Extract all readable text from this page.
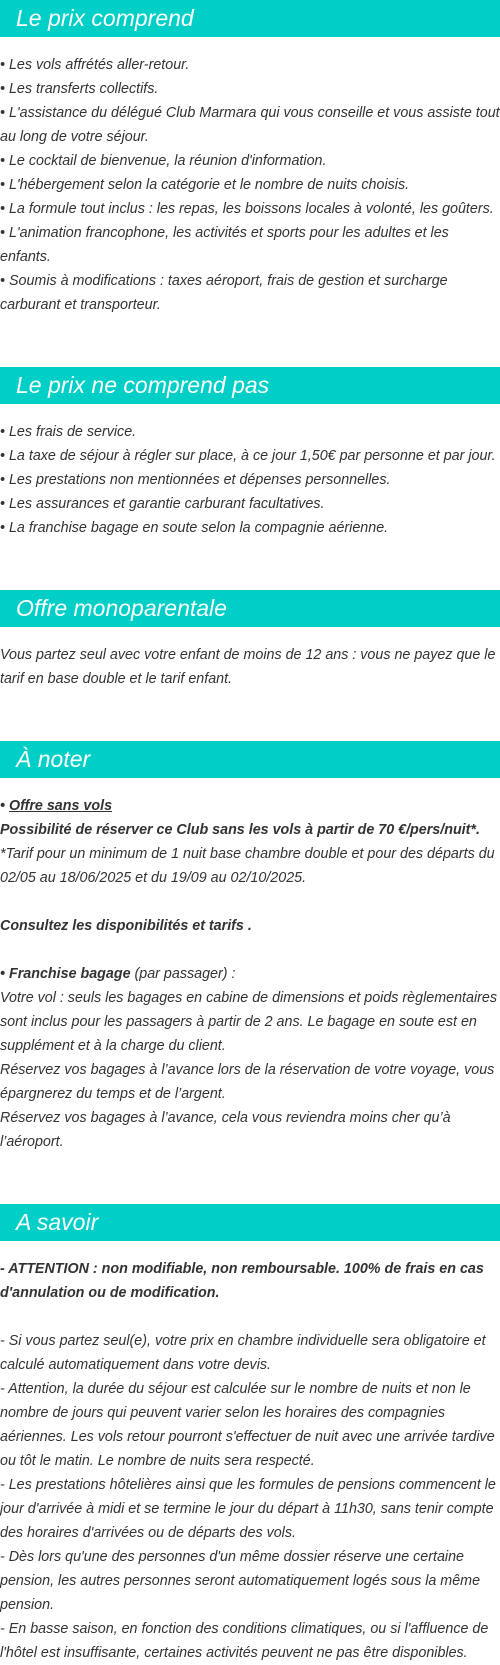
Le prix comprend
• Les vols affrétés aller-retour.
• Les transferts collectifs.
• L'assistance du délégué Club Marmara qui vous conseille et vous assiste tout au long de votre séjour.
• Le cocktail de bienvenue, la réunion d'information.
• L'hébergement selon la catégorie et le nombre de nuits choisis.
• La formule tout inclus : les repas, les boissons locales à volonté, les goûters.
• L'animation francophone, les activités et sports pour les adultes et les enfants.
• Soumis à modifications : taxes aéroport, frais de gestion et surcharge carburant et transporteur.
Le prix ne comprend pas
• Les frais de service.
• La taxe de séjour à régler sur place, à ce jour 1,50€ par personne et par jour.
• Les prestations non mentionnées et dépenses personnelles.
• Les assurances et garantie carburant facultatives.
• La franchise bagage en soute selon la compagnie aérienne.
Offre monoparentale
Vous partez seul avec votre enfant de moins de 12 ans : vous ne payez que le tarif en base double et le tarif enfant.
À noter
• Offre sans vols
Possibilité de réserver ce Club sans les vols à partir de 70 €/pers/nuit*.
*Tarif pour un minimum de 1 nuit base chambre double et pour des départs du 02/05 au 18/06/2025 et du 19/09 au 02/10/2025.
Consultez les disponibilités et tarifs .
• Franchise bagage (par passager) :
Votre vol : seuls les bagages en cabine de dimensions et poids règlementaires sont inclus pour les passagers à partir de 2 ans. Le bagage en soute est en supplément et à la charge du client.
Réservez vos bagages à l’avance lors de la réservation de votre voyage, vous épargnerez du temps et de l’argent.
Réservez vos bagages à l’avance, cela vous reviendra moins cher qu’à l’aéroport.
A savoir
- ATTENTION : non modifiable, non remboursable. 100% de frais en cas d'annulation ou de modification.
- Si vous partez seul(e), votre prix en chambre individuelle sera obligatoire et calculé automatiquement dans votre devis.
- Attention, la durée du séjour est calculée sur le nombre de nuits et non le nombre de jours qui peuvent varier selon les horaires des compagnies aériennes. Les vols retour pourront s'effectuer de nuit avec une arrivée tardive ou tôt le matin. Le nombre de nuits sera respecté.
- Les prestations hôtelières ainsi que les formules de pensions commencent le jour d'arrivée à midi et se termine le jour du départ à 11h30, sans tenir compte des horaires d'arrivées ou de départs des vols.
- Dès lors qu'une des personnes d'un même dossier réserve une certaine pension, les autres personnes seront automatiquement logés sous la même pension.
- En basse saison, en fonction des conditions climatiques, ou si l'affluence de l'hôtel est insuffisante, certaines activités peuvent ne pas être disponibles.
